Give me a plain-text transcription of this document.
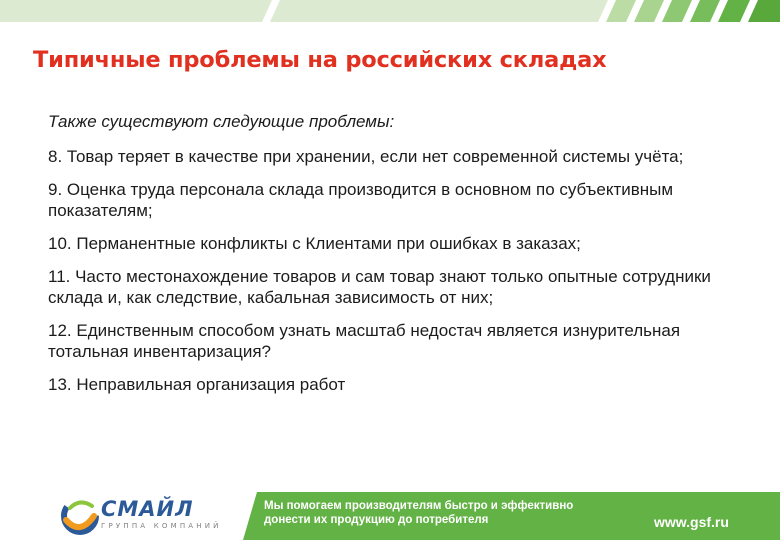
Типичные проблемы на российских складах

Также существуют следующие проблемы:

8. Товар теряет в качестве при хранении, если нет современной системы учёта;

9. Оценка труда персонала склада производится в основном по субъективным показателям;

10. Перманентные конфликты с Клиентами при ошибках в заказах;

11. Часто местонахождение товаров и сам товар знают только опытные сотрудники склада и, как следствие, кабальная зависимость от них;

12. Единственным способом узнать масштаб недостач является изнурительная тотальная инвентаризация?

13. Неправильная организация работ

СМАЙЛ
ГРУППА КОМПАНИЙ
Мы помогаем производителям быстро и эффективно
донести их продукцию до потребителя	www.gsf.ru
